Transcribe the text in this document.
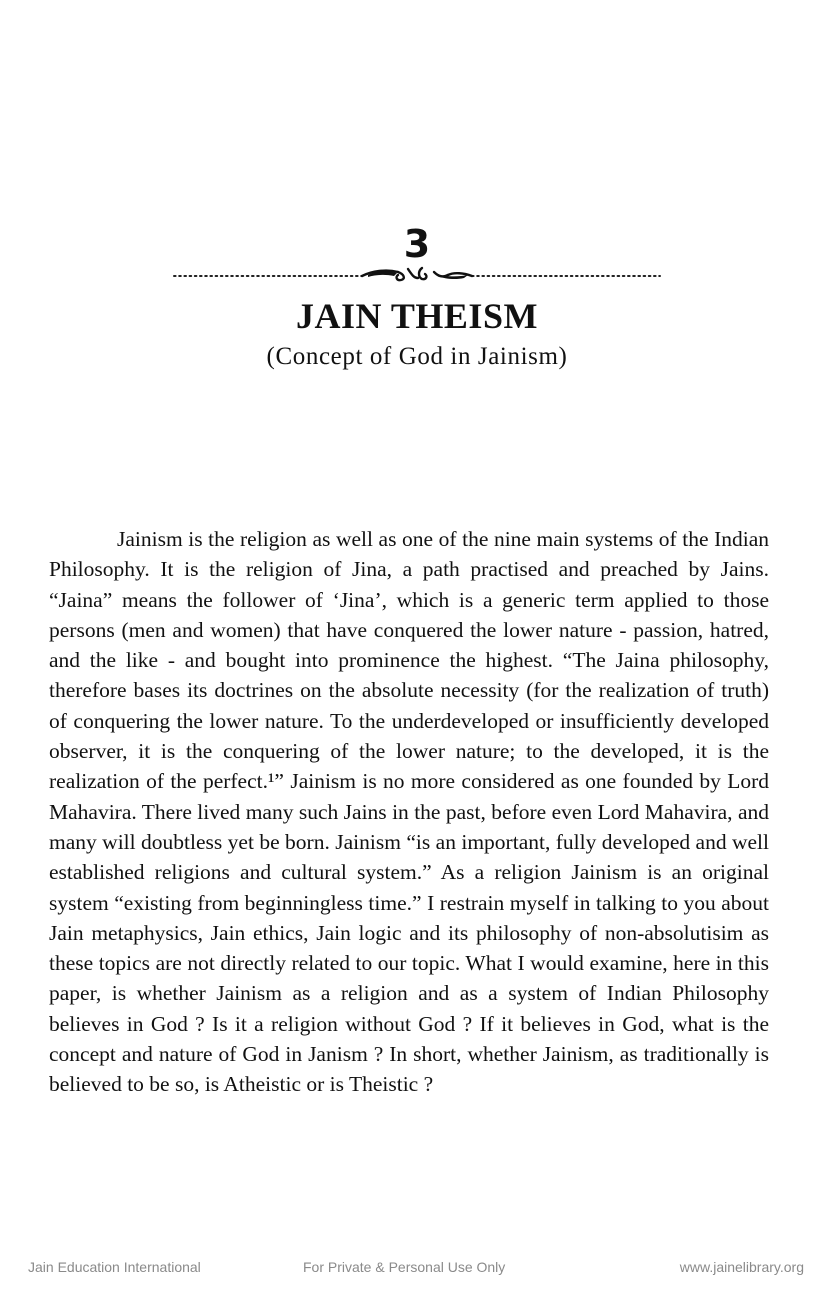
3
JAIN THEISM
(Concept of God in Jainism)

Jainism is the religion as well as one of the nine main systems of the Indian Philosophy. It is the religion of Jina, a path practised and preached by Jains. “Jaina” means the follower of ‘Jina’, which is a generic term applied to those persons (men and women) that have conquered the lower nature - passion, hatred, and the like - and bought into prominence the highest. “The Jaina philosophy, therefore bases its doctrines on the absolute necessity (for the realization of truth) of conquering the lower nature. To the underdeveloped or insufficiently developed observer, it is the conquering of the lower nature; to the developed, it is the realization of the perfect.¹” Jainism is no more considered as one founded by Lord Mahavira. There lived many such Jains in the past, before even Lord Mahavira, and many will doubtless yet be born. Jainism “is an important, fully developed and well established religions and cultural system.” As a religion Jainism is an original system “existing from beginningless time.” I restrain myself in talking to you about Jain metaphysics, Jain ethics, Jain logic and its philosophy of non-absolutisim as these topics are not directly related to our topic. What I would examine, here in this paper, is whether Jainism as a religion and as a system of Indian Philosophy believes in God ? Is it a religion without God ? If it believes in God, what is the concept and nature of God in Janism ? In short, whether Jainism, as traditionally is believed to be so, is Atheistic or is Theistic ?

Jain Education International	For Private & Personal Use Only	www.jainelibrary.org
